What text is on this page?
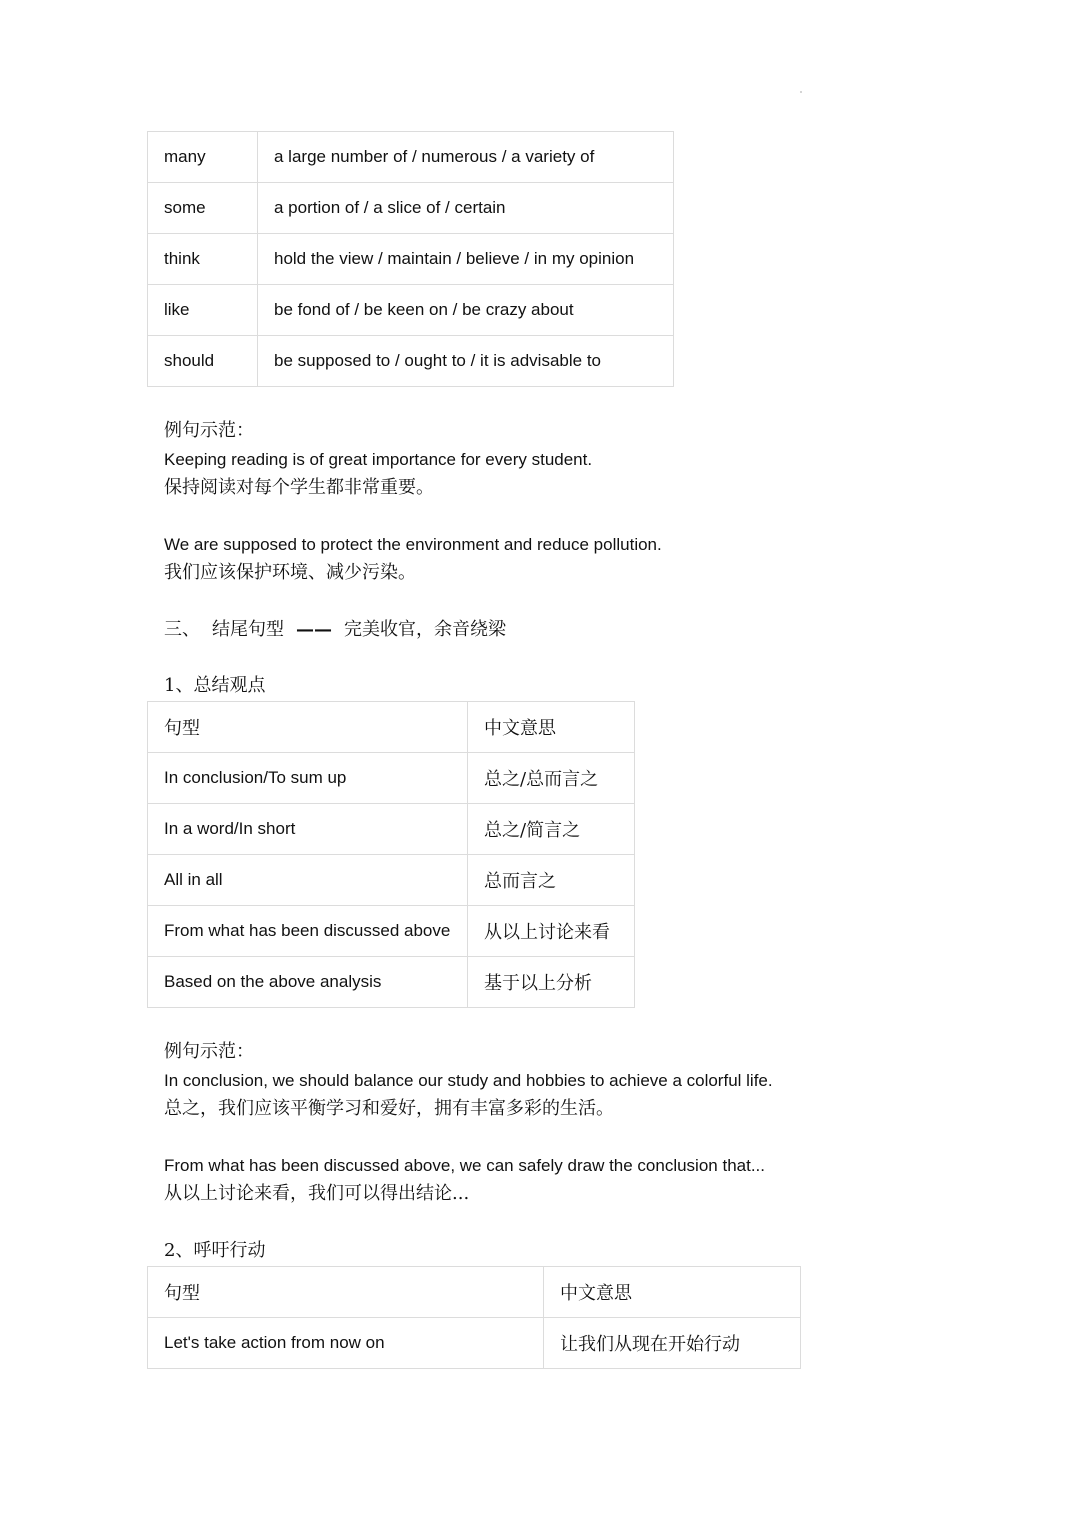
many	a large number of / numerous / a variety of
some	a portion of / a slice of / certain
think	hold the view / maintain / believe / in my opinion
like	be fond of / be keen on / be crazy about
should	be supposed to / ought to / it is advisable to
例句示范：
Keeping reading is of great importance for every student.
保持阅读对每个学生都非常重要。
We are supposed to protect the environment and reduce pollution.
我们应该保护环境、减少污染。
三、 结尾句型 —— 完美收官，余音绕梁
1、总结观点
句型	中文意思
In conclusion/To sum up	总之/总而言之
In a word/In short	总之/简言之
All in all	总而言之
From what has been discussed above	从以上讨论来看
Based on the above analysis	基于以上分析
例句示范：
In conclusion, we should balance our study and hobbies to achieve a colorful life.
总之，我们应该平衡学习和爱好，拥有丰富多彩的生活。
From what has been discussed above, we can safely draw the conclusion that...
从以上讨论来看，我们可以得出结论...
2、呼吁行动
句型	中文意思
Let's take action from now on	让我们从现在开始行动
